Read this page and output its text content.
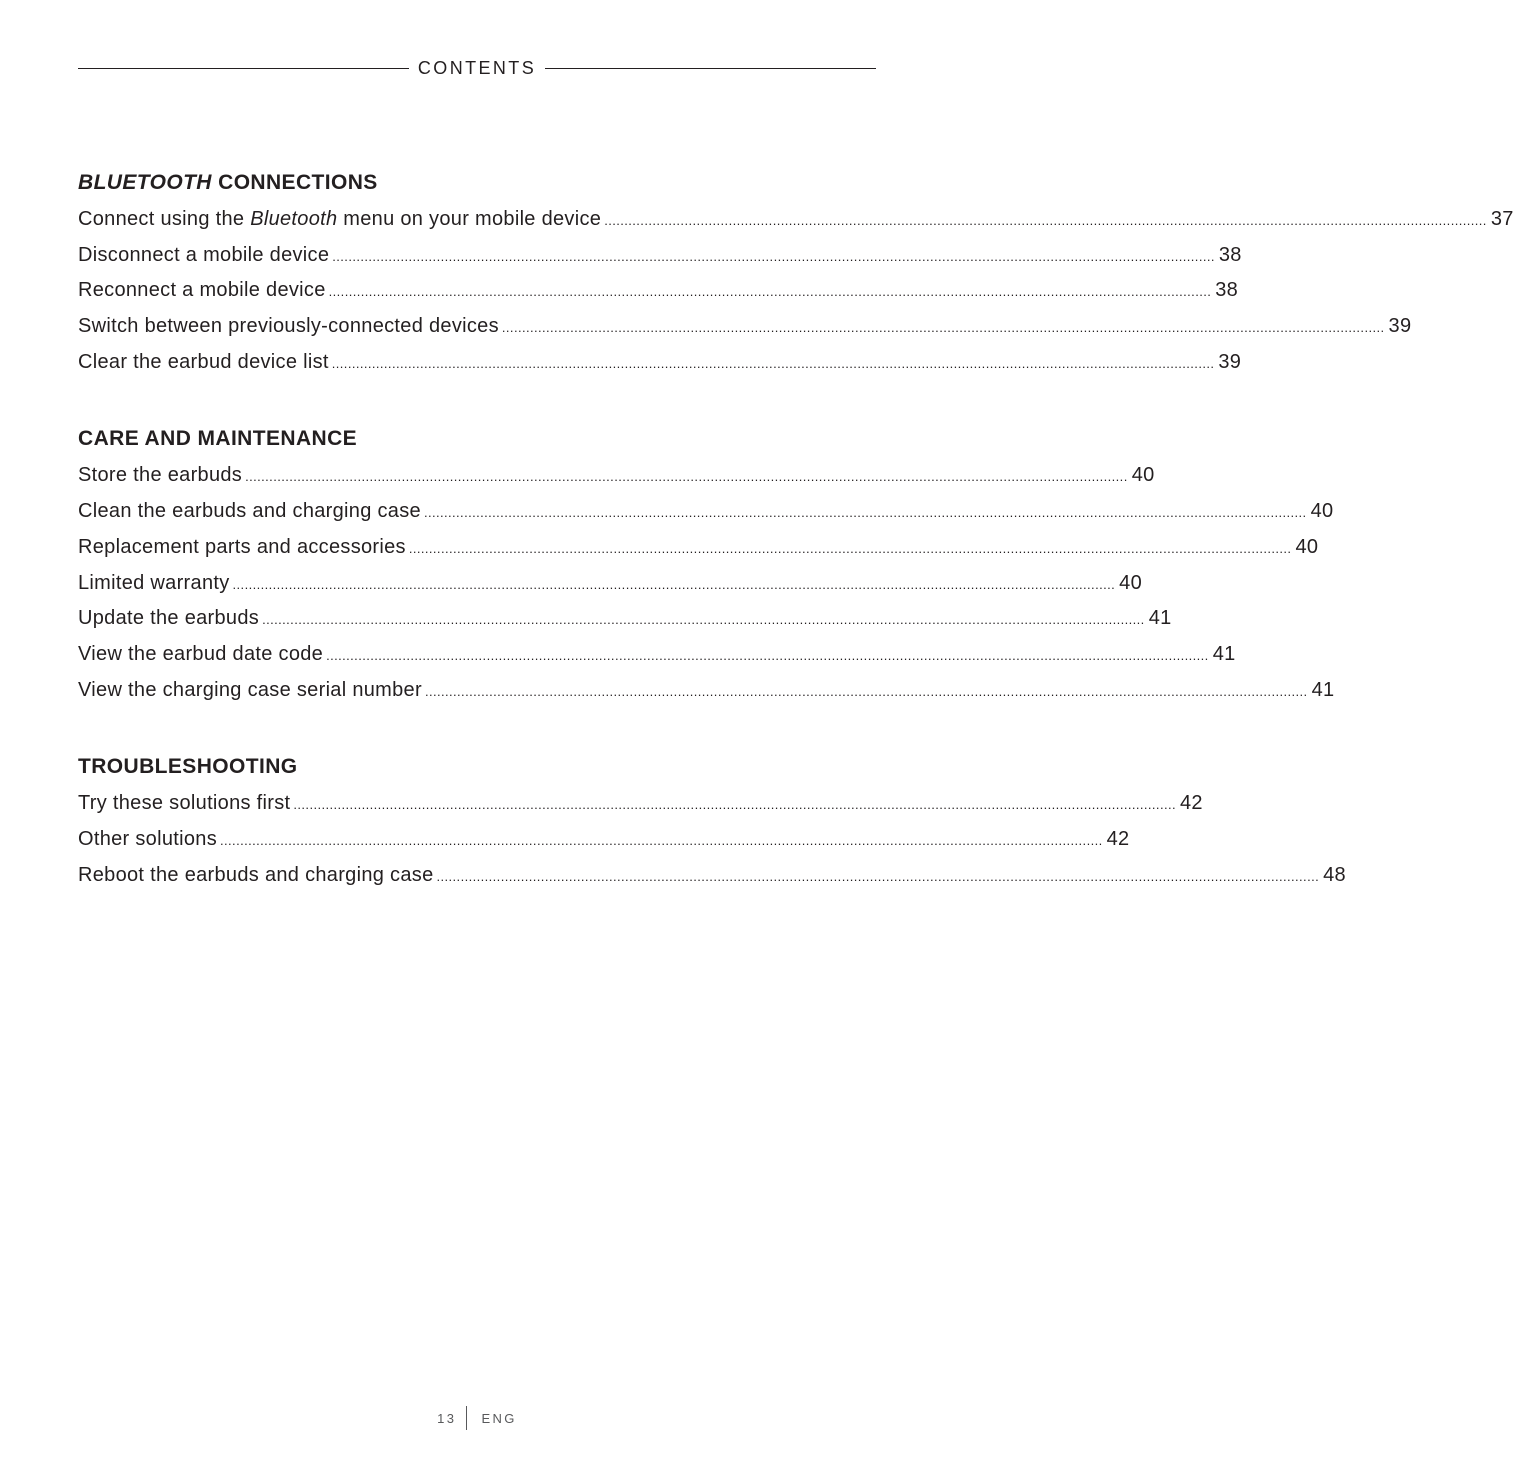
CONTENTS
BLUETOOTH CONNECTIONS
Connect using the Bluetooth menu on your mobile device ............................................................................................................................................................................................................................ 37
Disconnect a mobile device ............................................................................................................................................................................................................................ 38
Reconnect a mobile device ............................................................................................................................................................................................................................ 38
Switch between previously-connected devices ............................................................................................................................................................................................................................ 39
Clear the earbud device list ............................................................................................................................................................................................................................ 39
CARE AND MAINTENANCE
Store the earbuds ............................................................................................................................................................................................................................ 40
Clean the earbuds and charging case ............................................................................................................................................................................................................................ 40
Replacement parts and accessories ............................................................................................................................................................................................................................ 40
Limited warranty ............................................................................................................................................................................................................................ 40
Update the earbuds ............................................................................................................................................................................................................................ 41
View the earbud date code ............................................................................................................................................................................................................................ 41
View the charging case serial number ............................................................................................................................................................................................................................ 41
TROUBLESHOOTING
Try these solutions first ............................................................................................................................................................................................................................ 42
Other solutions ............................................................................................................................................................................................................................ 42
Reboot the earbuds and charging case ............................................................................................................................................................................................................................ 48
13 ENG
